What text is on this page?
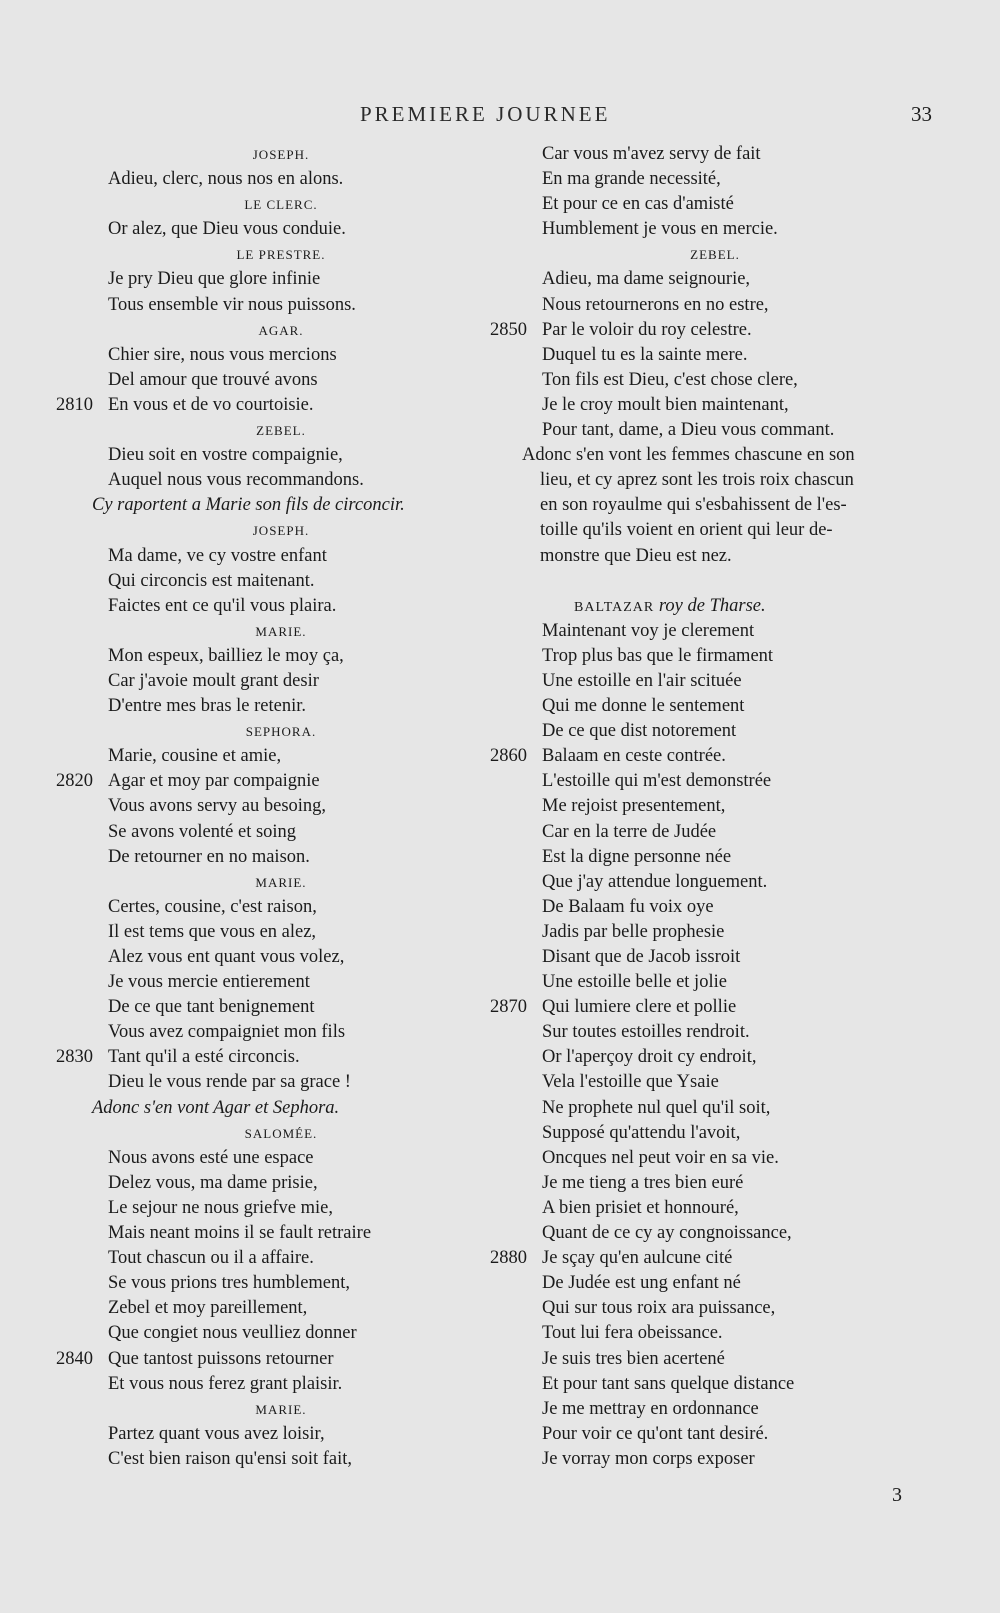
PREMIERE JOURNEE	33
JOSEPH.
Adieu, clerc, nous nos en alons.
LE CLERC.
Or alez, que Dieu vous conduie.
LE PRESTRE.
Je pry Dieu que glore infinie
Tous ensemble vir nous puissons.
AGAR.
Chier sire, nous vous mercions
Del amour que trouvé avons
2810 En vous et de vo courtoisie.
ZEBEL.
Dieu soit en vostre compaignie,
Auquel nous vous recommandons.
Cy raportent a Marie son fils de circoncir.
JOSEPH.
Ma dame, ve cy vostre enfant
Qui circoncis est maitenant.
Faictes ent ce qu'il vous plaira.
MARIE.
Mon espeux, bailliez le moy ça,
Car j'avoie moult grant desir
D'entre mes bras le retenir.
SEPHORA.
Marie, cousine et amie,
2820 Agar et moy par compaignie
Vous avons servy au besoing,
Se avons volenté et soing
De retourner en no maison.
MARIE.
Certes, cousine, c'est raison,
Il est tems que vous en alez,
Alez vous ent quant vous volez,
Je vous mercie entierement
De ce que tant benignement
Vous avez compaigniet mon fils
2830 Tant qu'il a esté circoncis.
Dieu le vous rende par sa grace !
Adonc s'en vont Agar et Sephora.
SALOMÉE.
Nous avons esté une espace
Delez vous, ma dame prisie,
Le sejour ne nous griefve mie,
Mais neant moins il se fault retraire
Tout chascun ou il a affaire.
Se vous prions tres humblement,
Zebel et moy pareillement,
Que congiet nous veulliez donner
2840 Que tantost puissons retourner
Et vous nous ferez grant plaisir.
MARIE.
Partez quant vous avez loisir,
C'est bien raison qu'ensi soit fait,
Car vous m'avez servy de fait
En ma grande necessité,
Et pour ce en cas d'amisté
Humblement je vous en mercie.
ZEBEL.
Adieu, ma dame seignourie,
Nous retournerons en no estre,
2850 Par le voloir du roy celestre.
Duquel tu es la sainte mere.
Ton fils est Dieu, c'est chose clere,
Je le croy moult bien maintenant,
Pour tant, dame, a Dieu vous commant.
Adonc s'en vont les femmes chascune en son
lieu, et cy aprez sont les trois roix chascun
en son royaulme qui s'esbahissent de l'es-
toille qu'ils voient en orient qui leur de-
monstre que Dieu est nez.
BALTAZAR roy de Tharse.
Maintenant voy je clerement
Trop plus bas que le firmament
Une estoille en l'air scituée
Qui me donne le sentement
De ce que dist notorement
2860 Balaam en ceste contrée.
L'estoille qui m'est demonstrée
Me rejoist presentement,
Car en la terre de Judée
Est la digne personne née
Que j'ay attendue longuement.
De Balaam fu voix oye
Jadis par belle prophesie
Disant que de Jacob issroit
Une estoille belle et jolie
2870 Qui lumiere clere et pollie
Sur toutes estoilles rendroit.
Or l'aperçoy droit cy endroit,
Vela l'estoille que Ysaie
Ne prophete nul quel qu'il soit,
Supposé qu'attendu l'avoit,
Oncques nel peut voir en sa vie.
Je me tieng a tres bien euré
A bien prisiet et honnouré,
Quant de ce cy ay congnoissance,
2880 Je sçay qu'en aulcune cité
De Judée est ung enfant né
Qui sur tous roix ara puissance,
Tout lui fera obeissance.
Je suis tres bien acertené
Et pour tant sans quelque distance
Je me mettray en ordonnance
Pour voir ce qu'ont tant desiré.
Je vorray mon corps exposer
3
